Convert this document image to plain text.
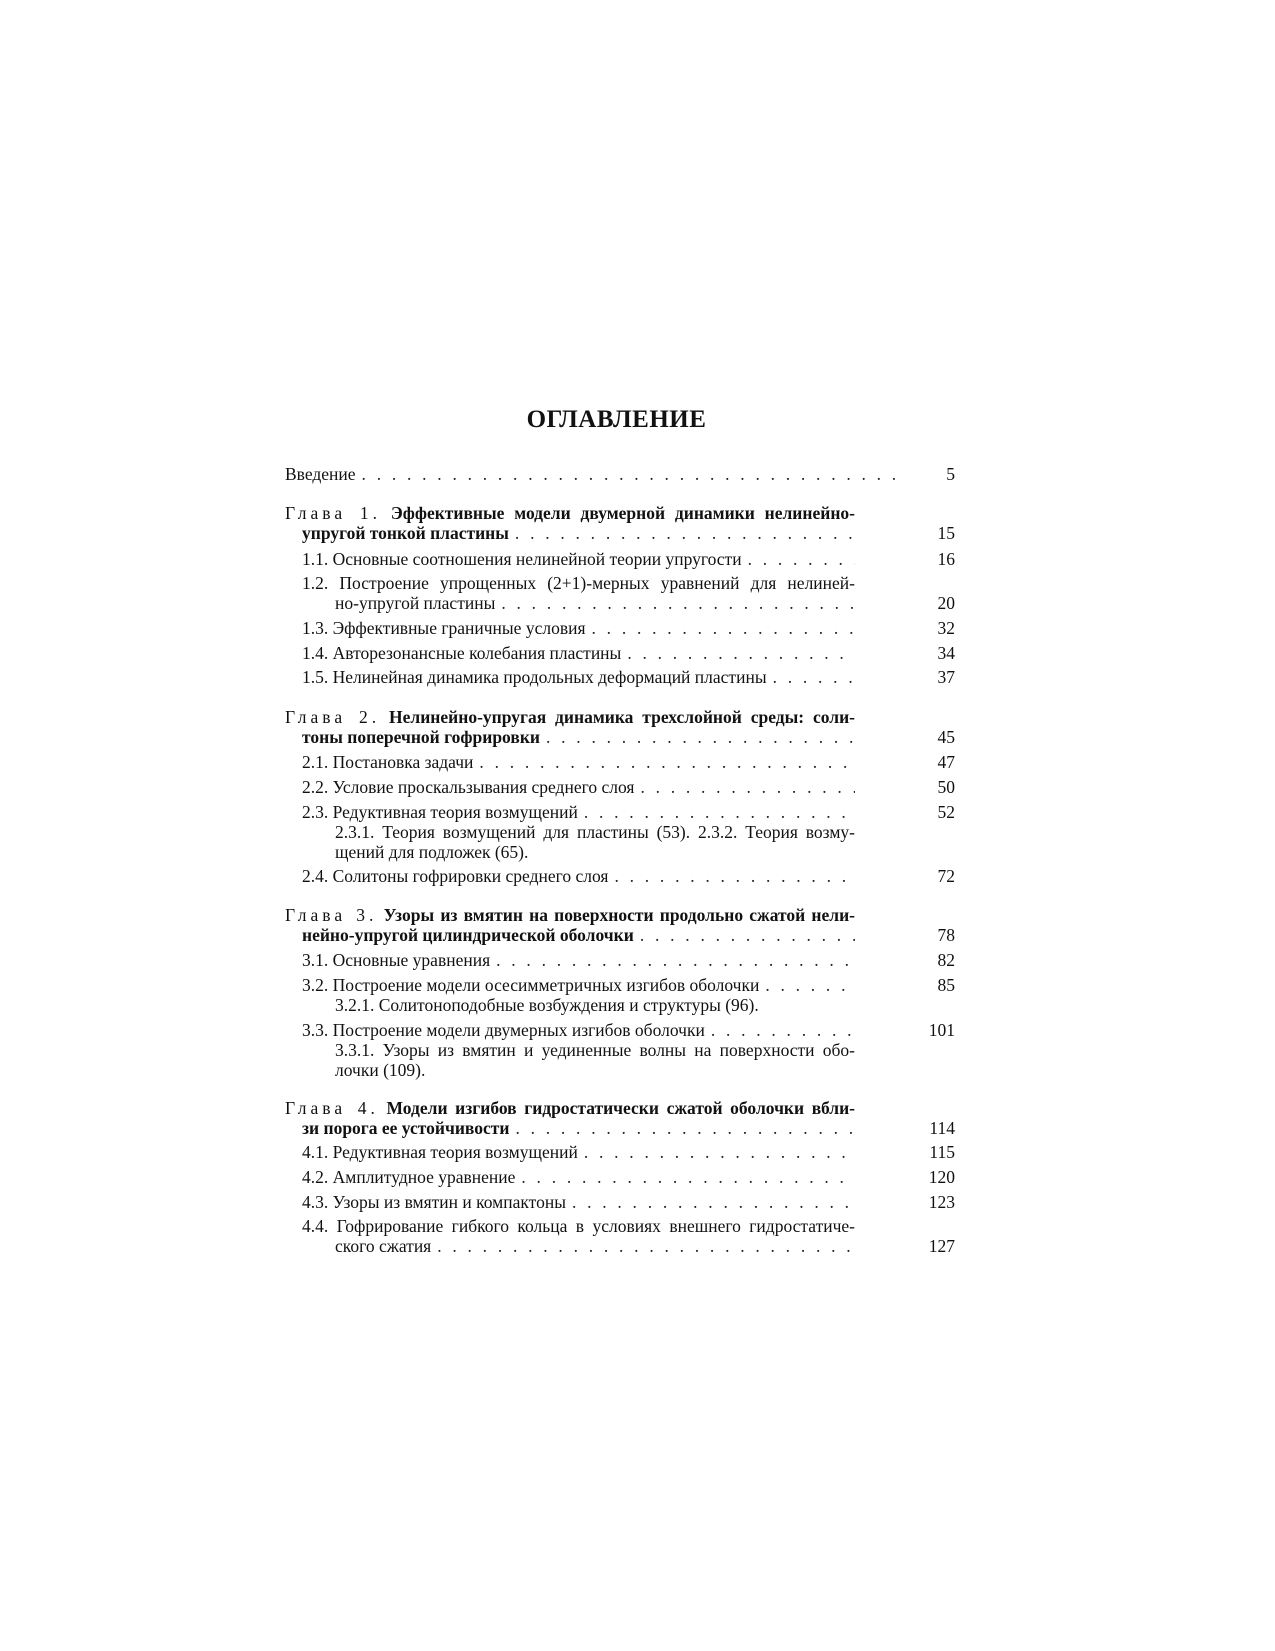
ОГЛАВЛЕНИЕ
Введение . . .	5
Глава 1. Эффективные модели двумерной динамики нелинейно-
упругой тонкой пластины . . .	15
1.1. Основные соотношения нелинейной теории упругости . . .	16
1.2. Построение упрощенных (2+1)-мерных уравнений для нелиней-
но-упругой пластины . . .	20
1.3. Эффективные граничные условия . . .	32
1.4. Авторезонансные колебания пластины . . .	34
1.5. Нелинейная динамика продольных деформаций пластины . . .	37
Глава 2. Нелинейно-упругая динамика трехслойной среды: соли-
тоны поперечной гофрировки . . .	45
2.1. Постановка задачи . . .	47
2.2. Условие проскальзывания среднего слоя . . .	50
2.3. Редуктивная теория возмущений . . .	52
2.3.1. Теория возмущений для пластины (53). 2.3.2. Теория возму-
щений для подложек (65).
2.4. Солитоны гофрировки среднего слоя . . .	72
Глава 3. Узоры из вмятин на поверхности продольно сжатой нели-
нейно-упругой цилиндрической оболочки . . .	78
3.1. Основные уравнения . . .	82
3.2. Построение модели осесимметричных изгибов оболочки . . .	85
3.2.1. Солитоноподобные возбуждения и структуры (96).
3.3. Построение модели двумерных изгибов оболочки . . .	101
3.3.1. Узоры из вмятин и уединенные волны на поверхности обо-
лочки (109).
Глава 4. Модели изгибов гидростатически сжатой оболочки вбли-
зи порога ее устойчивости . . .	114
4.1. Редуктивная теория возмущений . . .	115
4.2. Амплитудное уравнение . . .	120
4.3. Узоры из вмятин и компактоны . . .	123
4.4. Гофрирование гибкого кольца в условиях внешнего гидростатиче-
ского сжатия . . .	127
